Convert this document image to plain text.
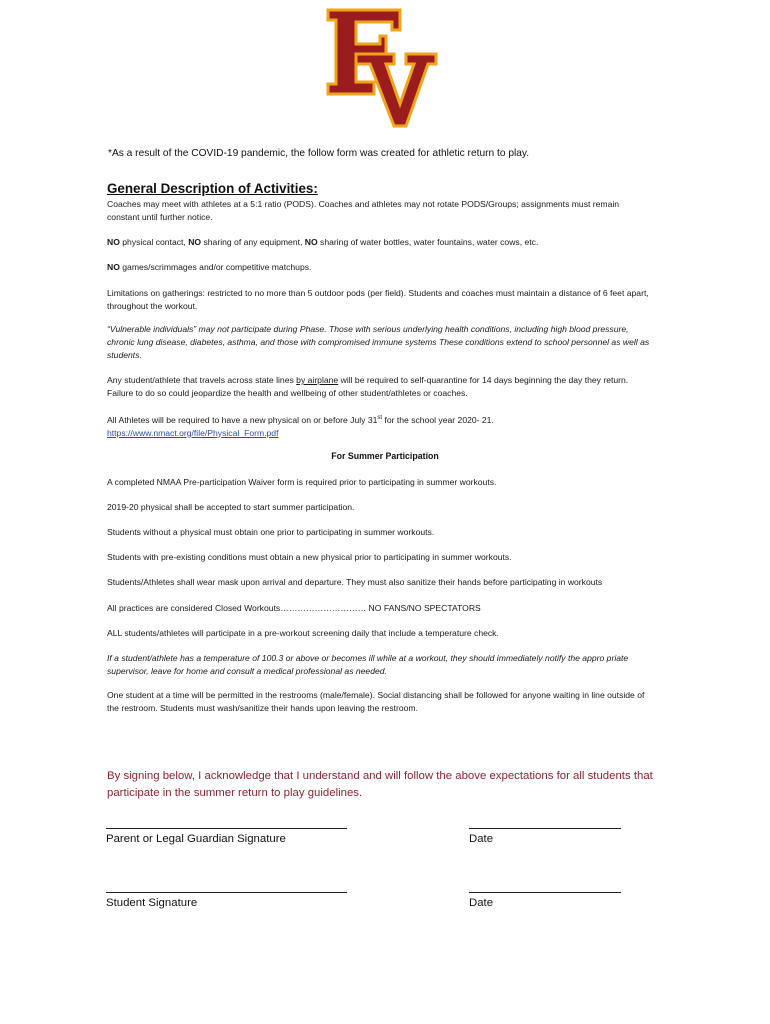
*As a result of the COVID-19 pandemic, the follow form was created for athletic return to play.
General Description of Activities:
Coaches may meet with athletes at a 5:1 ratio (PODS). Coaches and athletes may not rotate PODS/Groups; assignments must remain constant until further notice.
NO physical contact, NO sharing of any equipment, NO sharing of water bottles, water fountains, water cows, etc.
NO games/scrimmages and/or competitive matchups.
Limitations on gatherings: restricted to no more than 5 outdoor pods (per field). Students and coaches must maintain a distance of 6 feet apart, throughout the workout.
“Vulnerable individuals” may not participate during Phase. Those with serious underlying health conditions, including high blood pressure, chronic lung disease, diabetes, asthma, and those with compromised immune systems These conditions extend to school personnel as well as students.
Any student/athlete that travels across state lines by airplane will be required to self-quarantine for 14 days beginning the day they return. Failure to do so could jeopardize the health and wellbeing of other student/athletes or coaches.
All Athletes will be required to have a new physical on or before July 31st for the school year 2020- 21.
https://www.nmact.org/file/Physical_Form.pdf
For Summer Participation
A completed NMAA Pre-participation Waiver form is required prior to participating in summer workouts.
2019-20 physical shall be accepted to start summer participation.
Students without a physical must obtain one prior to participating in summer workouts.
Students with pre-existing conditions must obtain a new physical prior to participating in summer workouts.
Students/Athletes shall wear mask upon arrival and departure. They must also sanitize their hands before participating in workouts
All practices are considered Closed Workouts………………………… NO FANS/NO SPECTATORS
ALL students/athletes will participate in a pre-workout screening daily that include a temperature check.
If a student/athlete has a temperature of 100.3 or above or becomes ill while at a workout, they should immediately notify the appro priate supervisor, leave for home and consult a medical professional as needed.
One student at a time will be permitted in the restrooms (male/female). Social distancing shall be followed for anyone waiting in line outside of the restroom. Students must wash/sanitize their hands upon leaving the restroom.
By signing below, I acknowledge that I understand and will follow the above expectations for all students that participate in the summer return to play guidelines.
Parent or Legal Guardian Signature	Date
Student Signature	Date
